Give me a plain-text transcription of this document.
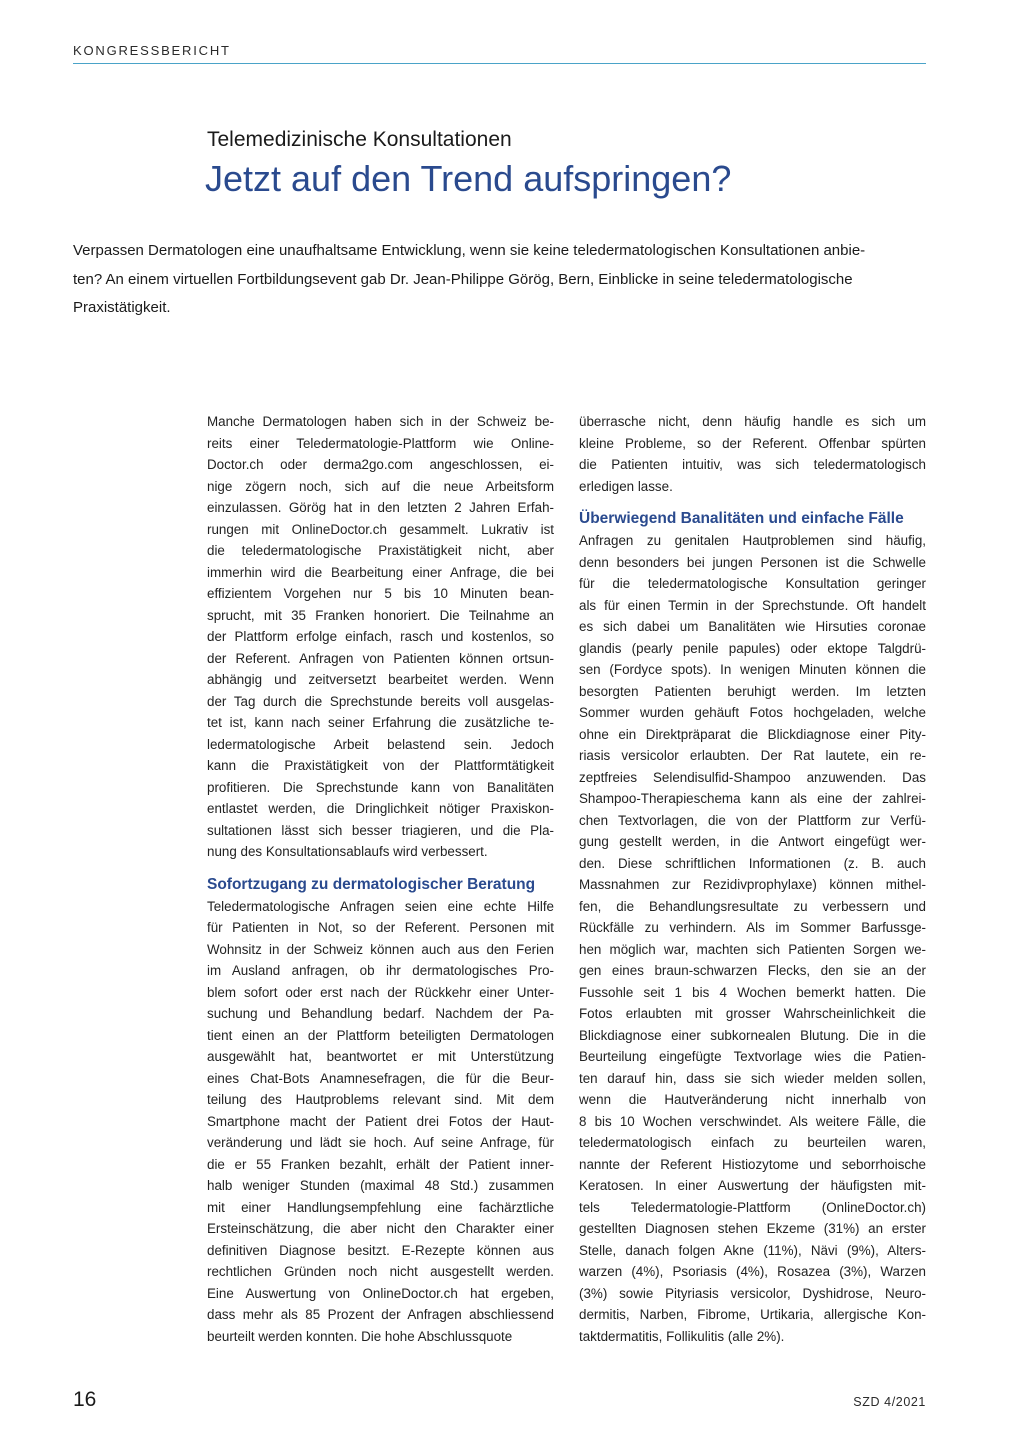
KONGRESSBERICHT
Telemedizinische Konsultationen
Jetzt auf den Trend aufspringen?
Verpassen Dermatologen eine unaufhaltsame Entwicklung, wenn sie keine teledermatologischen Konsultationen anbie-
ten? An einem virtuellen Fortbildungsevent gab Dr. Jean-Philippe Görög, Bern, Einblicke in seine teledermatologische
Praxistätigkeit.
Manche Dermatologen haben sich in der Schweiz be-
reits einer Teledermatologie-Plattform wie Online-
Doctor.ch oder derma2go.com angeschlossen, ei-
nige zögern noch, sich auf die neue Arbeitsform
einzulassen. Görög hat in den letzten 2 Jahren Erfah-
rungen mit OnlineDoctor.ch gesammelt. Lukrativ ist
die teledermatologische Praxistätigkeit nicht, aber
immerhin wird die Bearbeitung einer Anfrage, die bei
effizientem Vorgehen nur 5 bis 10 Minuten bean-
sprucht, mit 35 Franken honoriert. Die Teilnahme an
der Plattform erfolge einfach, rasch und kostenlos, so
der Referent. Anfragen von Patienten können ortsun-
abhängig und zeitversetzt bearbeitet werden. Wenn
der Tag durch die Sprechstunde bereits voll ausgelas-
tet ist, kann nach seiner Erfahrung die zusätzliche te-
ledermatologische Arbeit belastend sein. Jedoch
kann die Praxistätigkeit von der Plattformtätigkeit
profitieren. Die Sprechstunde kann von Banalitäten
entlastet werden, die Dringlichkeit nötiger Praxiskon-
sultationen lässt sich besser triagieren, und die Pla-
nung des Konsultationsablaufs wird verbessert.
Sofortzugang zu dermatologischer Beratung
Teledermatologische Anfragen seien eine echte Hilfe
für Patienten in Not, so der Referent. Personen mit
Wohnsitz in der Schweiz können auch aus den Ferien
im Ausland anfragen, ob ihr dermatologisches Pro-
blem sofort oder erst nach der Rückkehr einer Unter-
suchung und Behandlung bedarf. Nachdem der Pa-
tient einen an der Plattform beteiligten Dermatologen
ausgewählt hat, beantwortet er mit Unterstützung
eines Chat-Bots Anamnesefragen, die für die Beur-
teilung des Hautproblems relevant sind. Mit dem
Smartphone macht der Patient drei Fotos der Haut-
veränderung und lädt sie hoch. Auf seine Anfrage, für
die er 55 Franken bezahlt, erhält der Patient inner-
halb weniger Stunden (maximal 48 Std.) zusammen
mit einer Handlungsempfehlung eine fachärztliche
Ersteinschätzung, die aber nicht den Charakter einer
definitiven Diagnose besitzt. E-Rezepte können aus
rechtlichen Gründen noch nicht ausgestellt werden.
Eine Auswertung von OnlineDoctor.ch hat ergeben,
dass mehr als 85 Prozent der Anfragen abschliessend
beurteilt werden konnten. Die hohe Abschlussquote
überrasche nicht, denn häufig handle es sich um
kleine Probleme, so der Referent. Offenbar spürten
die Patienten intuitiv, was sich teledermatologisch
erledigen lasse.
Überwiegend Banalitäten und einfache Fälle
Anfragen zu genitalen Hautproblemen sind häufig,
denn besonders bei jungen Personen ist die Schwelle
für die teledermatologische Konsultation geringer
als für einen Termin in der Sprechstunde. Oft handelt
es sich dabei um Banalitäten wie Hirsuties coronae
glandis (pearly penile papules) oder ektope Talgdrü-
sen (Fordyce spots). In wenigen Minuten können die
besorgten Patienten beruhigt werden. Im letzten
Sommer wurden gehäuft Fotos hochgeladen, welche
ohne ein Direktpräparat die Blickdiagnose einer Pity-
riasis versicolor erlaubten. Der Rat lautete, ein re-
zeptfreies Selendisulfid-Shampoo anzuwenden. Das
Shampoo-Therapieschema kann als eine der zahlrei-
chen Textvorlagen, die von der Plattform zur Verfü-
gung gestellt werden, in die Antwort eingefügt wer-
den. Diese schriftlichen Informationen (z. B. auch
Massnahmen zur Rezidivprophylaxe) können mithel-
fen, die Behandlungsresultate zu verbessern und
Rückfälle zu verhindern. Als im Sommer Barfussge-
hen möglich war, machten sich Patienten Sorgen we-
gen eines braun-schwarzen Flecks, den sie an der
Fussohle seit 1 bis 4 Wochen bemerkt hatten. Die
Fotos erlaubten mit grosser Wahrscheinlichkeit die
Blickdiagnose einer subkornealen Blutung. Die in die
Beurteilung eingefügte Textvorlage wies die Patien-
ten darauf hin, dass sie sich wieder melden sollen,
wenn die Hautveränderung nicht innerhalb von
8 bis 10 Wochen verschwindet. Als weitere Fälle, die
teledermatologisch einfach zu beurteilen waren,
nannte der Referent Histiozytome und seborrhoische
Keratosen. In einer Auswertung der häufigsten mit-
tels Teledermatologie-Plattform (OnlineDoctor.ch)
gestellten Diagnosen stehen Ekzeme (31%) an erster
Stelle, danach folgen Akne (11%), Nävi (9%), Alters-
warzen (4%), Psoriasis (4%), Rosazea (3%), Warzen
(3%) sowie Pityriasis versicolor, Dyshidrose, Neuro-
dermitis, Narben, Fibrome, Urtikaria, allergische Kon-
taktdermatitis, Follikulitis (alle 2%).
16	SZD 4/2021
